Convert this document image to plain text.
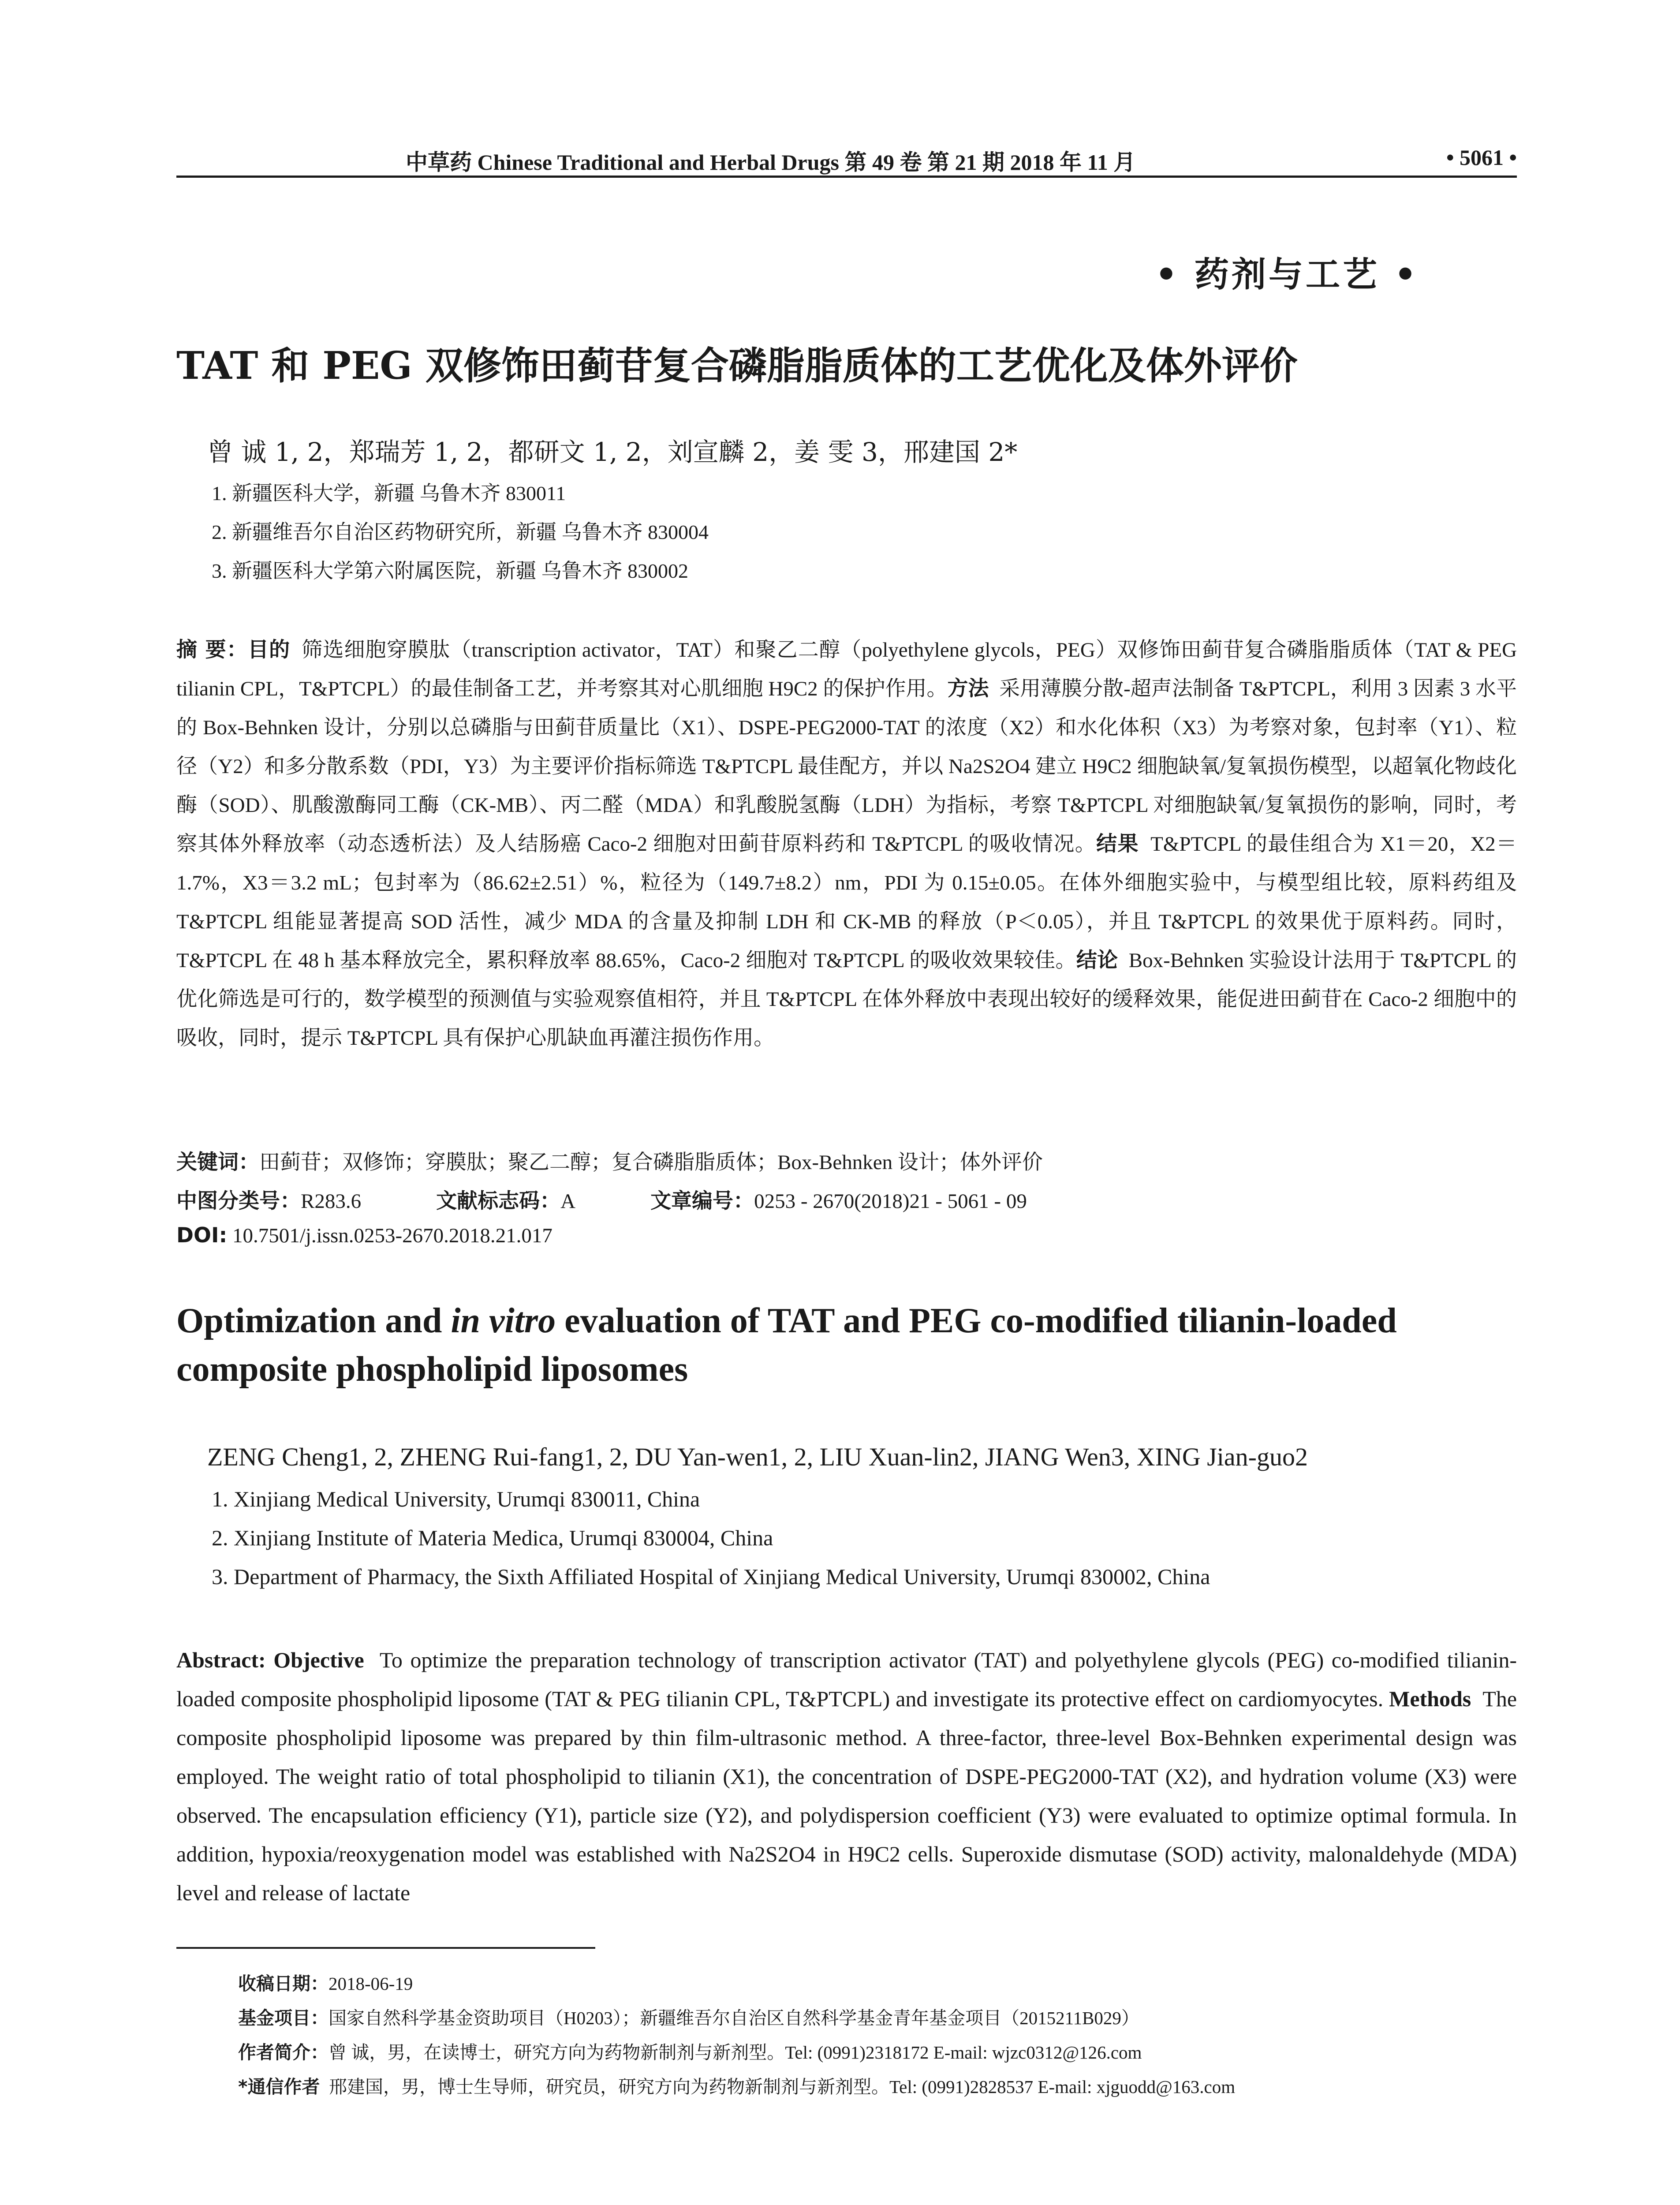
中草药 Chinese Traditional and Herbal Drugs 第 49 卷 第 21 期 2018 年 11 月	• 5061 •
• 药剂与工艺 •
TAT 和 PEG 双修饰田蓟苷复合磷脂脂质体的工艺优化及体外评价
曾 诚 1, 2，郑瑞芳 1, 2，都研文 1, 2，刘宣麟 2，姜 雯 3，邢建国 2*
1. 新疆医科大学，新疆 乌鲁木齐 830011
2. 新疆维吾尔自治区药物研究所，新疆 乌鲁木齐 830004
3. 新疆医科大学第六附属医院，新疆 乌鲁木齐 830002
摘 要：目的 筛选细胞穿膜肽（transcription activator，TAT）和聚乙二醇（polyethylene glycols，PEG）双修饰田蓟苷复合磷脂脂质体（TAT & PEG tilianin CPL，T&PTCPL）的最佳制备工艺，并考察其对心肌细胞 H9C2 的保护作用。方法 采用薄膜分散-超声法制备 T&PTCPL，利用 3 因素 3 水平的 Box-Behnken 设计，分别以总磷脂与田蓟苷质量比（X1）、DSPE-PEG2000-TAT 的浓度（X2）和水化体积（X3）为考察对象，包封率（Y1）、粒径（Y2）和多分散系数（PDI，Y3）为主要评价指标筛选 T&PTCPL 最佳配方，并以 Na2S2O4 建立 H9C2 细胞缺氧/复氧损伤模型，以超氧化物歧化酶（SOD）、肌酸激酶同工酶（CK-MB）、丙二醛（MDA）和乳酸脱氢酶（LDH）为指标，考察 T&PTCPL 对细胞缺氧/复氧损伤的影响，同时，考察其体外释放率（动态透析法）及人结肠癌 Caco-2 细胞对田蓟苷原料药和 T&PTCPL 的吸收情况。结果 T&PTCPL 的最佳组合为 X1＝20，X2＝1.7%，X3＝3.2 mL；包封率为（86.62±2.51）%，粒径为（149.7±8.2）nm，PDI 为 0.15±0.05。在体外细胞实验中，与模型组比较，原料药组及 T&PTCPL 组能显著提高 SOD 活性，减少 MDA 的含量及抑制 LDH 和 CK-MB 的释放（P＜0.05），并且 T&PTCPL 的效果优于原料药。同时，T&PTCPL 在 48 h 基本释放完全，累积释放率 88.65%，Caco-2 细胞对 T&PTCPL 的吸收效果较佳。结论 Box-Behnken 实验设计法用于 T&PTCPL 的优化筛选是可行的，数学模型的预测值与实验观察值相符，并且 T&PTCPL 在体外释放中表现出较好的缓释效果，能促进田蓟苷在 Caco-2 细胞中的吸收，同时，提示 T&PTCPL 具有保护心肌缺血再灌注损伤作用。
关键词：田蓟苷；双修饰；穿膜肽；聚乙二醇；复合磷脂脂质体；Box-Behnken 设计；体外评价
中图分类号：R283.6	文献标志码：A	文章编号：0253 - 2670(2018)21 - 5061 - 09
DOI: 10.7501/j.issn.0253-2670.2018.21.017
Optimization and in vitro evaluation of TAT and PEG co-modified tilianin-loaded composite phospholipid liposomes
ZENG Cheng1, 2, ZHENG Rui-fang1, 2, DU Yan-wen1, 2, LIU Xuan-lin2, JIANG Wen3, XING Jian-guo2
1. Xinjiang Medical University, Urumqi 830011, China
2. Xinjiang Institute of Materia Medica, Urumqi 830004, China
3. Department of Pharmacy, the Sixth Affiliated Hospital of Xinjiang Medical University, Urumqi 830002, China
Abstract: Objective To optimize the preparation technology of transcription activator (TAT) and polyethylene glycols (PEG) co-modified tilianin-loaded composite phospholipid liposome (TAT & PEG tilianin CPL, T&PTCPL) and investigate its protective effect on cardiomyocytes. Methods The composite phospholipid liposome was prepared by thin film-ultrasonic method. A three-factor, three-level Box-Behnken experimental design was employed. The weight ratio of total phospholipid to tilianin (X1), the concentration of DSPE-PEG2000-TAT (X2), and hydration volume (X3) were observed. The encapsulation efficiency (Y1), particle size (Y2), and polydispersion coefficient (Y3) were evaluated to optimize optimal formula. In addition, hypoxia/reoxygenation model was established with Na2S2O4 in H9C2 cells. Superoxide dismutase (SOD) activity, malonaldehyde (MDA) level and release of lactate
收稿日期：2018-06-19
基金项目：国家自然科学基金资助项目（H0203）；新疆维吾尔自治区自然科学基金青年基金项目（2015211B029）
作者简介：曾 诚，男，在读博士，研究方向为药物新制剂与新剂型。Tel: (0991)2318172 E-mail: wjzc0312@126.com
*通信作者 邢建国，男，博士生导师，研究员，研究方向为药物新制剂与新剂型。Tel: (0991)2828537 E-mail: xjguodd@163.com
